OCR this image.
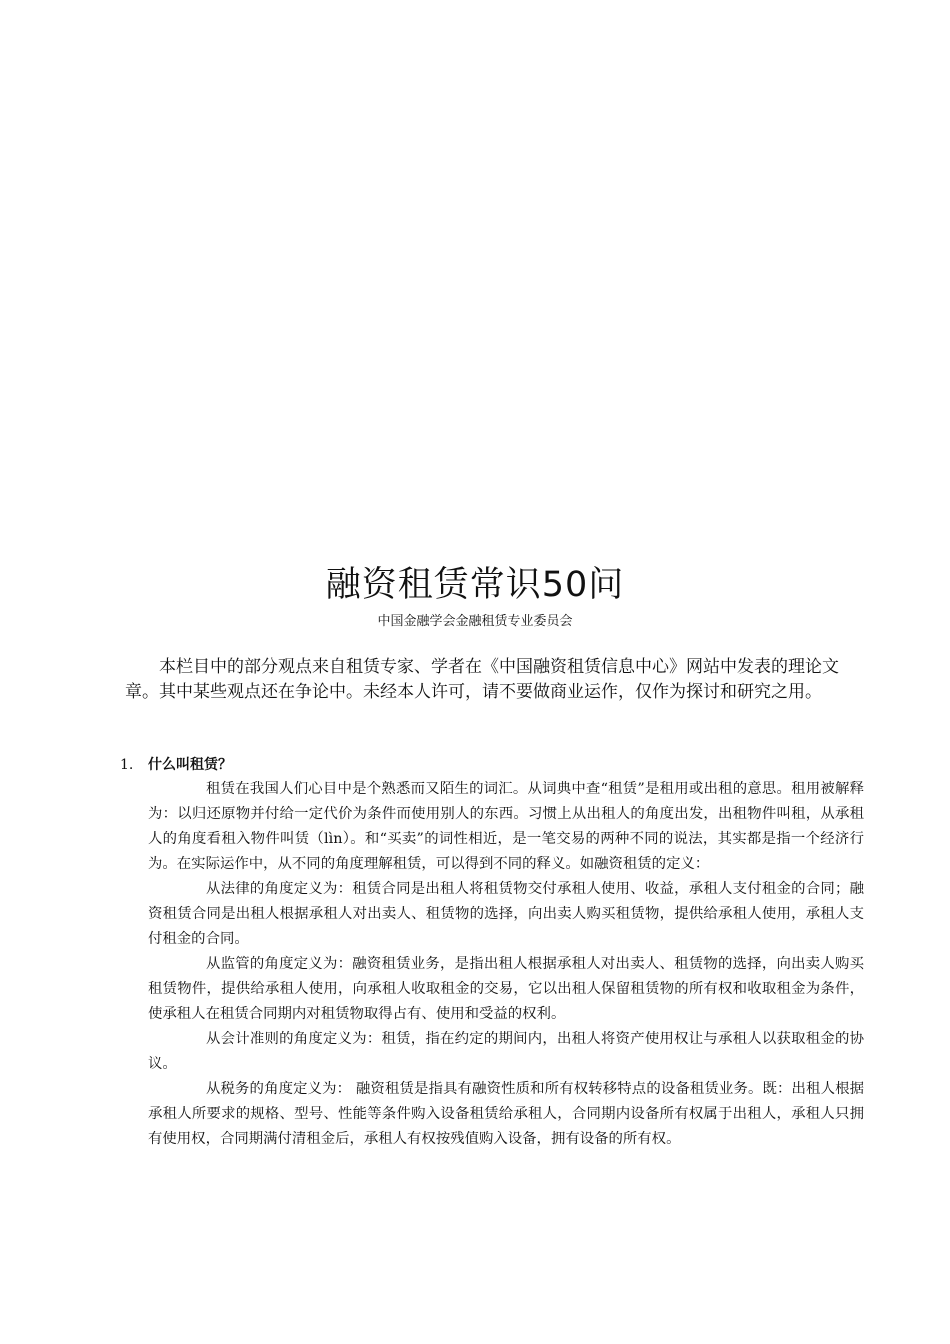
融资租赁常识50问
中国金融学会金融租赁专业委员会

本栏目中的部分观点来自租赁专家、学者在《中国融资租赁信息中心》网站中发表的理论文章。其中某些观点还在争论中。未经本人许可，请不要做商业运作，仅作为探讨和研究之用。

1. 什么叫租赁？

租赁在我国人们心目中是个熟悉而又陌生的词汇。从词典中查“租赁”是租用或出租的意思。租用被解释为：以归还原物并付给一定代价为条件而使用别人的东西。习惯上从出租人的角度出发，出租物件叫租，从承租人的角度看租入物件叫赁（lìn）。和“买卖”的词性相近，是一笔交易的两种不同的说法，其实都是指一个经济行为。在实际运作中，从不同的角度理解租赁，可以得到不同的释义。如融资租赁的定义：

从法律的角度定义为：租赁合同是出租人将租赁物交付承租人使用、收益，承租人支付租金的合同；融资租赁合同是出租人根据承租人对出卖人、租赁物的选择，向出卖人购买租赁物，提供给承租人使用，承租人支付租金的合同。

从监管的角度定义为：融资租赁业务，是指出租人根据承租人对出卖人、租赁物的选择，向出卖人购买租赁物件，提供给承租人使用，向承租人收取租金的交易，它以出租人保留租赁物的所有权和收取租金为条件，使承租人在租赁合同期内对租赁物取得占有、使用和受益的权利。

从会计准则的角度定义为：租赁，指在约定的期间内，出租人将资产使用权让与承租人以获取租金的协议。

从税务的角度定义为： 融资租赁是指具有融资性质和所有权转移特点的设备租赁业务。既：出租人根据承租人所要求的规格、型号、性能等条件购入设备租赁给承租人，合同期内设备所有权属于出租人，承租人只拥有使用权，合同期满付清租金后，承租人有权按残值购入设备，拥有设备的所有权。
